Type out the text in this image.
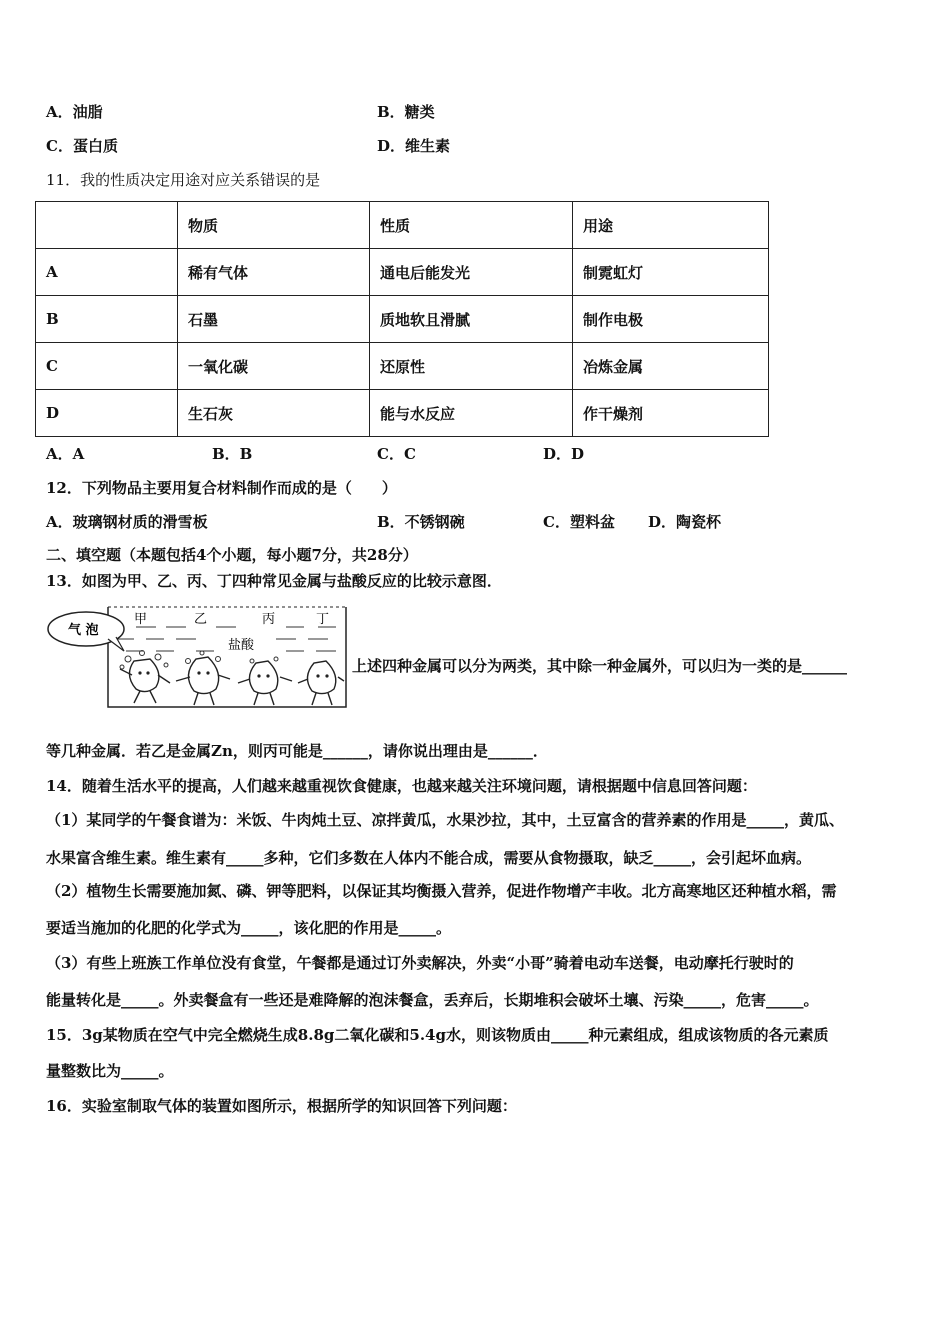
A．油脂	B．糖类
C．蛋白质	D．维生素
11．我的性质决定用途对应关系错误的是
	物质	性质	用途
A	稀有气体	通电后能发光	制霓虹灯
B	石墨	质地软且滑腻	制作电极
C	一氧化碳	还原性	冶炼金属
D	生石灰	能与水反应	作干燥剂
A．A	B．B	C．C	D．D
12．下列物品主要用复合材料制作而成的是（　　）
A．玻璃钢材质的滑雪板	B．不锈钢碗	C．塑料盆 D．陶瓷杯
二、填空题（本题包括4个小题，每小题7分，共28分）
13．如图为甲、乙、丙、丁四种常见金属与盐酸反应的比较示意图．
气 泡
甲	乙	丙	丁
盐酸
上述四种金属可以分为两类，其中除一种金属外，可以归为一类的是______
等几种金属．若乙是金属Zn，则丙可能是______，请你说出理由是______．
14．随着生活水平的提高，人们越来越重视饮食健康，也越来越关注环境问题，请根据题中信息回答问题：
（1）某同学的午餐食谱为：米饭、牛肉炖土豆、凉拌黄瓜，水果沙拉，其中，土豆富含的营养素的作用是_____，黄瓜、
水果富含维生素。维生素有_____多种，它们多数在人体内不能合成，需要从食物摄取，缺乏_____，会引起坏血病。
（2）植物生长需要施加氮、磷、钾等肥料，以保证其均衡摄入营养，促进作物增产丰收。北方高寒地区还种植水稻，需
要适当施加的化肥的化学式为_____，该化肥的作用是_____。
（3）有些上班族工作单位没有食堂，午餐都是通过订外卖解决，外卖“小哥”骑着电动车送餐，电动摩托行驶时的
能量转化是_____。外卖餐盒有一些还是难降解的泡沫餐盒，丢弃后，长期堆积会破坏土壤、污染_____，危害_____。
15．3g某物质在空气中完全燃烧生成8.8g二氧化碳和5.4g水，则该物质由_____种元素组成，组成该物质的各元素质
量整数比为_____。
16．实验室制取气体的装置如图所示，根据所学的知识回答下列问题：
